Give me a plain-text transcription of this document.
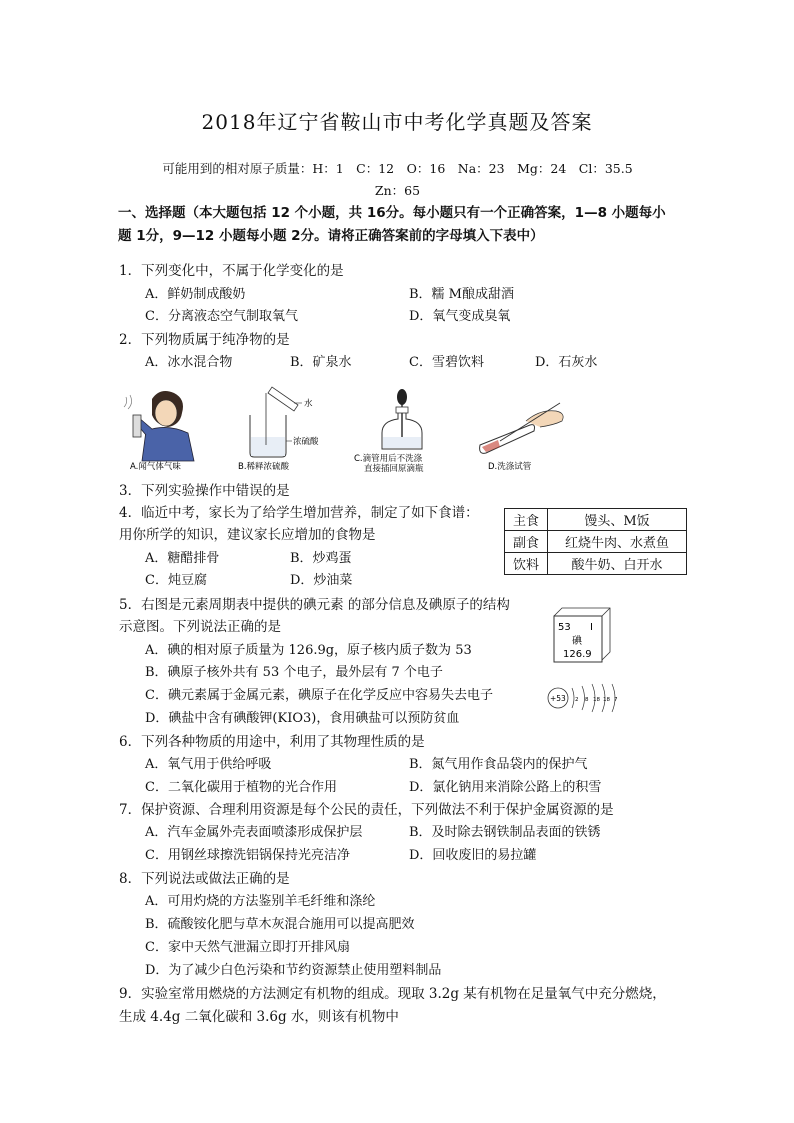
2018年辽宁省鞍山市中考化学真题及答案
可能用到的相对原子质量：H：1　C：12　O：16　Na：23　Mg：24　Cl：35.5
Zn：65
一、选择题（本大题包括 12 个小题，共 16分。每小题只有一个正确答案，1—8 小题每小
题 1分，9—12 小题每小题 2分。请将正确答案前的字母填入下表中）
1．下列变化中，不属于化学变化的是
A．鲜奶制成酸奶	B．糯 M酿成甜酒
C．分离液态空气制取氧气	D．氧气变成臭氧
2．下列物质属于纯净物的是
A．冰水混合物	B．矿泉水	C．雪碧饮料	D．石灰水
A.闻气体气味
水
浓硫酸
B.稀释浓硫酸
C.滴管用后不洗涤
直接插回原滴瓶	D.洗涤试管
3．下列实验操作中错误的是
4．临近中考，家长为了给学生增加营养，制定了如下食谱：
用你所学的知识，建议家长应增加的食物是
A．糖醋排骨	B．炒鸡蛋
C．炖豆腐	D．炒油菜
主食	馒头、M饭
副食	红烧牛肉、水煮鱼
饮料	酸牛奶、白开水
5．右图是元素周期表中提供的碘元素 的部分信息及碘原子的结构
示意图。下列说法正确的是
A．碘的相对原子质量为 126.9g，原子核内质子数为 53
B．碘原子核外共有 53 个电子，最外层有 7 个电子
C．碘元素属于金属元素，碘原子在化学反应中容易失去电子
D．碘盐中含有碘酸钾(KIO3)，食用碘盐可以预防贫血
53 I
碘
126.9
+53 2 8 18 18 7
6．下列各种物质的用途中，利用了其物理性质的是
A．氧气用于供给呼吸	B．氮气用作食品袋内的保护气
C．二氧化碳用于植物的光合作用	D．氯化钠用来消除公路上的积雪
7．保护资源、合理利用资源是每个公民的责任，下列做法不利于保护金属资源的是
A．汽车金属外壳表面喷漆形成保护层	B．及时除去钢铁制品表面的铁锈
C．用钢丝球擦洗铝锅保持光亮洁净	D．回收废旧的易拉罐
8．下列说法或做法正确的是
A．可用灼烧的方法鉴别羊毛纤维和涤纶
B．硫酸铵化肥与草木灰混合施用可以提高肥效
C．家中天然气泄漏立即打开排风扇
D．为了减少白色污染和节约资源禁止使用塑料制品
9．实验室常用燃烧的方法测定有机物的组成。现取 3.2g 某有机物在足量氧气中充分燃烧，
生成 4.4g 二氧化碳和 3.6g 水，则该有机物中
